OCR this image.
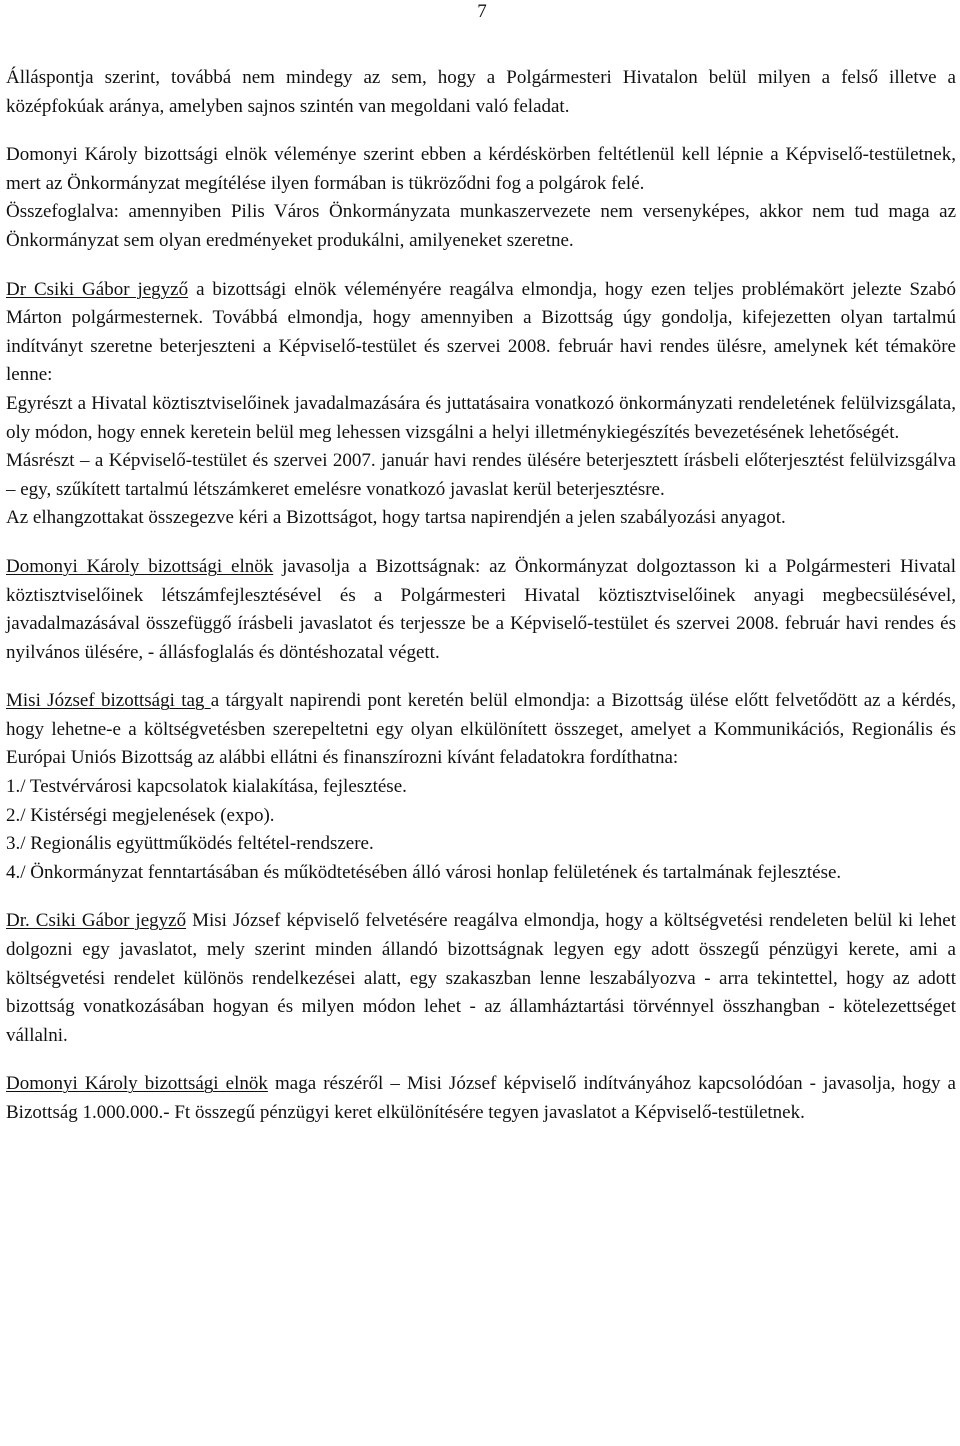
7

Álláspontja szerint, továbbá nem mindegy az sem, hogy a Polgármesteri Hivatalon belül milyen a felső illetve a középfokúak aránya, amelyben sajnos szintén van megoldani való feladat.

Domonyi Károly bizottsági elnök véleménye szerint ebben a kérdéskörben feltétlenül kell lépnie a Képviselő-testületnek, mert az Önkormányzat megítélése ilyen formában is tükröződni fog a polgárok felé.

Összefoglalva: amennyiben Pilis Város Önkormányzata munkaszervezete nem versenyképes, akkor nem tud maga az Önkormányzat sem olyan eredményeket produkálni, amilyeneket szeretne.

Dr Csiki Gábor jegyző a bizottsági elnök véleményére reagálva elmondja, hogy ezen teljes problémakört jelezte Szabó Márton polgármesternek. Továbbá elmondja, hogy amennyiben a Bizottság úgy gondolja, kifejezetten olyan tartalmú indítványt szeretne beterjeszteni a Képviselő-testület és szervei 2008. február havi rendes ülésre, amelynek két témaköre lenne:

Egyrészt a Hivatal köztisztviselőinek javadalmazására és juttatásaira vonatkozó önkormányzati rendeletének felülvizsgálata, oly módon, hogy ennek keretein belül meg lehessen vizsgálni a helyi illetménykiegészítés bevezetésének lehetőségét.

Másrészt – a Képviselő-testület és szervei 2007. január havi rendes ülésére beterjesztett írásbeli előterjesztést felülvizsgálva – egy, szűkített tartalmú létszámkeret emelésre vonatkozó javaslat kerül beterjesztésre.

Az elhangzottakat összegezve kéri a Bizottságot, hogy tartsa napirendjén a jelen szabályozási anyagot.

Domonyi Károly bizottsági elnök javasolja a Bizottságnak: az Önkormányzat dolgoztasson ki a Polgármesteri Hivatal köztisztviselőinek létszámfejlesztésével és a Polgármesteri Hivatal köztisztviselőinek anyagi megbecsülésével, javadalmazásával összefüggő írásbeli javaslatot és terjessze be a Képviselő-testület és szervei 2008. február havi rendes és nyilvános ülésére, - állásfoglalás és döntéshozatal végett.

Misi József bizottsági tag a tárgyalt napirendi pont keretén belül elmondja: a Bizottság ülése előtt felvetődött az a kérdés, hogy lehetne-e a költségvetésben szerepeltetni egy olyan elkülönített összeget, amelyet a Kommunikációs, Regionális és Európai Uniós Bizottság az alábbi ellátni és finanszírozni kívánt feladatokra fordíthatna:

1./ Testvérvárosi kapcsolatok kialakítása, fejlesztése.

2./ Kistérségi megjelenések (expo).

3./ Regionális együttműködés feltétel-rendszere.

4./ Önkormányzat fenntartásában és működtetésében álló városi honlap felületének és tartalmának fejlesztése.

Dr. Csiki Gábor jegyző Misi József képviselő felvetésére reagálva elmondja, hogy a költségvetési rendeleten belül ki lehet dolgozni egy javaslatot, mely szerint minden állandó bizottságnak legyen egy adott összegű pénzügyi kerete, ami a költségvetési rendelet különös rendelkezései alatt, egy szakaszban lenne leszabályozva - arra tekintettel, hogy az adott bizottság vonatkozásában hogyan és milyen módon lehet - az államháztartási törvénnyel összhangban - kötelezettséget vállalni.

Domonyi Károly bizottsági elnök maga részéről – Misi József képviselő indítványához kapcsolódóan - javasolja, hogy a Bizottság 1.000.000.- Ft összegű pénzügyi keret elkülönítésére tegyen javaslatot a Képviselő-testületnek.
